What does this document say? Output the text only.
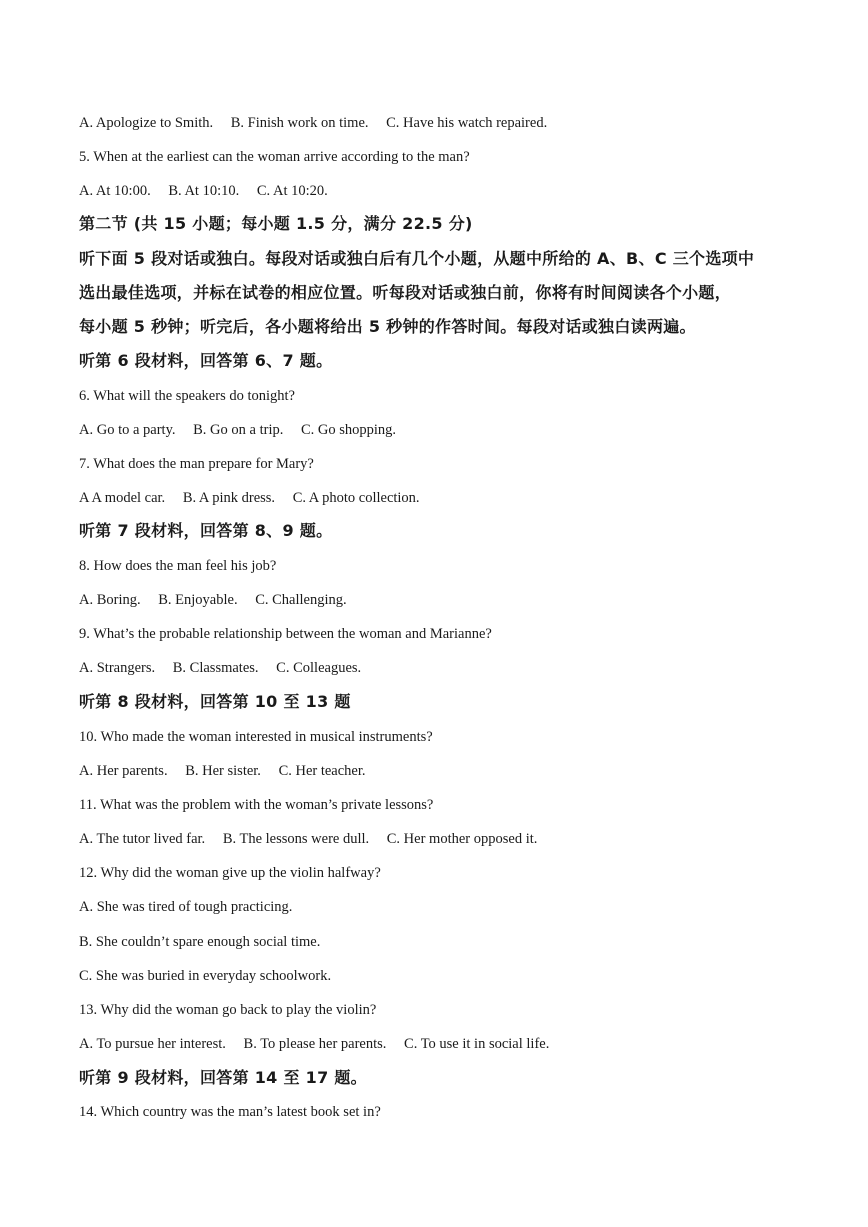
A. Apologize to Smith. B. Finish work on time. C. Have his watch repaired.
5. When at the earliest can the woman arrive according to the man?
A. At 10:00. B. At 10:10. C. At 10:20.
第二节 (共 15 小题；每小题 1.5 分，满分 22.5 分)
听下面 5 段对话或独白。每段对话或独白后有几个小题，从题中所给的 A、B、C 三个选项中
选出最佳选项，并标在试卷的相应位置。听每段对话或独白前，你将有时间阅读各个小题，
每小题 5 秒钟；听完后，各小题将给出 5 秒钟的作答时间。每段对话或独白读两遍。
听第 6 段材料，回答第 6、7 题。
6. What will the speakers do tonight?
A. Go to a party. B. Go on a trip. C. Go shopping.
7. What does the man prepare for Mary?
A A model car. B. A pink dress. C. A photo collection.
听第 7 段材料，回答第 8、9 题。
8. How does the man feel his job?
A. Boring. B. Enjoyable. C. Challenging.
9. What’s the probable relationship between the woman and Marianne?
A. Strangers. B. Classmates. C. Colleagues.
听第 8 段材料，回答第 10 至 13 题
10. Who made the woman interested in musical instruments?
A. Her parents. B. Her sister. C. Her teacher.
11. What was the problem with the woman’s private lessons?
A. The tutor lived far. B. The lessons were dull. C. Her mother opposed it.
12. Why did the woman give up the violin halfway?
A. She was tired of tough practicing.
B. She couldn’t spare enough social time.
C. She was buried in everyday schoolwork.
13. Why did the woman go back to play the violin?
A. To pursue her interest. B. To please her parents. C. To use it in social life.
听第 9 段材料，回答第 14 至 17 题。
14. Which country was the man’s latest book set in?
